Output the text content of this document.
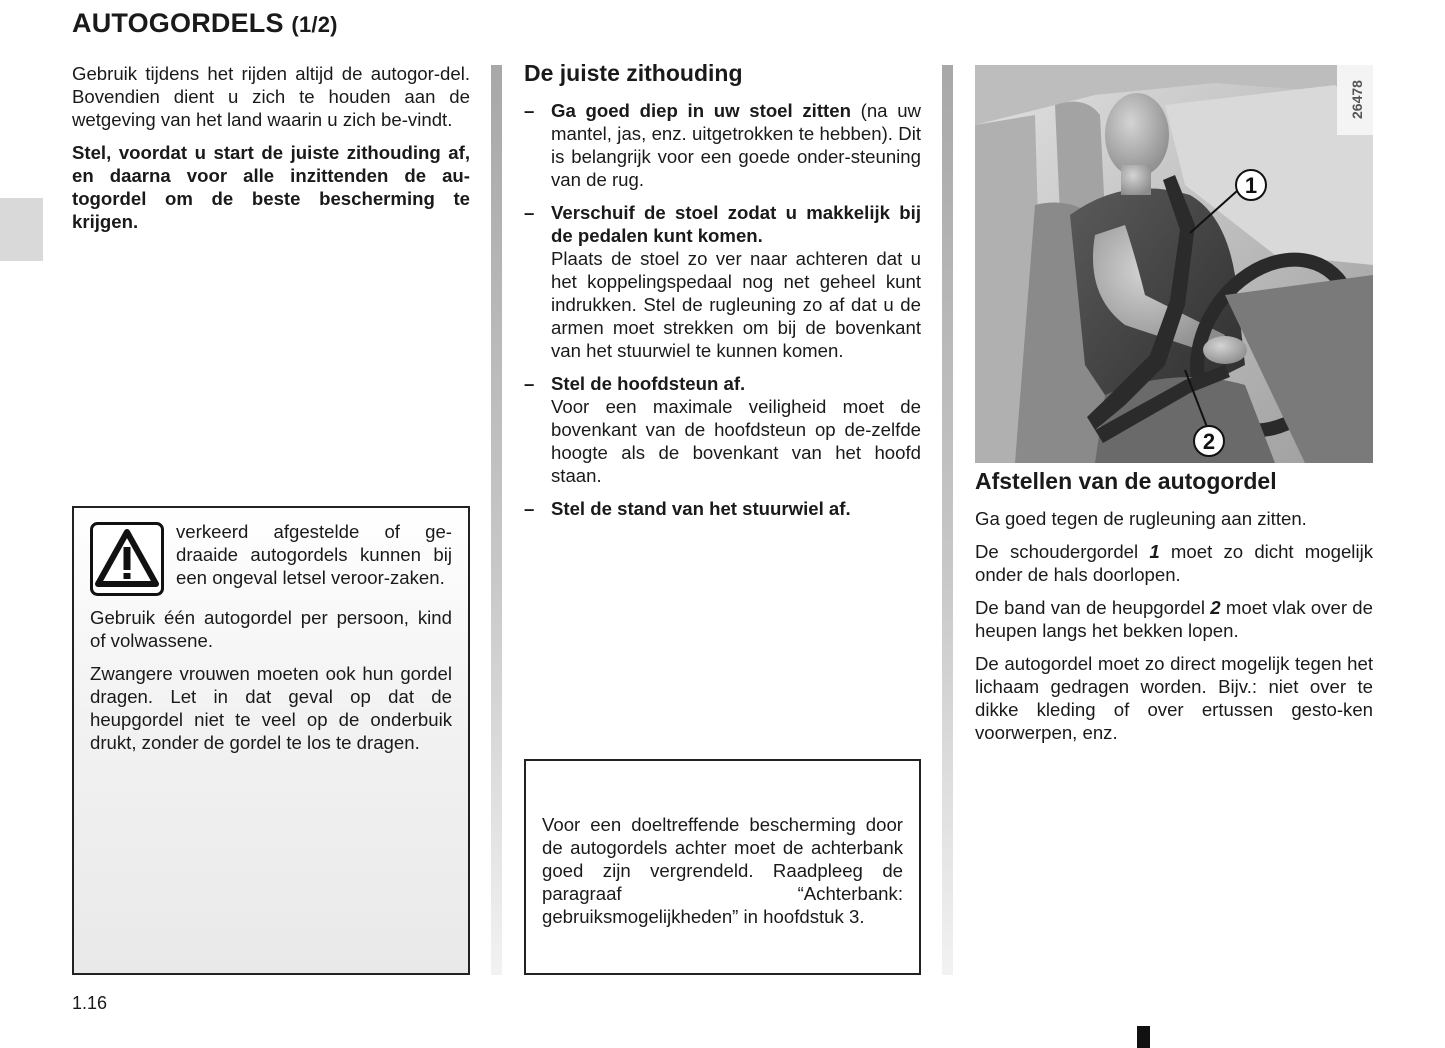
AUTOGORDELS (1/2)

Gebruik tijdens het rijden altijd de autogor-del. Bovendien dient u zich te houden aan de wetgeving van het land waarin u zich be-vindt.

Stel, voordat u start de juiste zithouding af, en daarna voor alle inzittenden de au-togordel om de beste bescherming te krijgen.

verkeerd afgestelde of ge-draaide autogordels kunnen bij een ongeval letsel veroor-zaken.

Gebruik één autogordel per persoon, kind of volwassene.

Zwangere vrouwen moeten ook hun gordel dragen. Let in dat geval op dat de heupgordel niet te veel op de onderbuik drukt, zonder de gordel te los te dragen.

De juiste zithouding
– Ga goed diep in uw stoel zitten (na uw mantel, jas, enz. uitgetrokken te hebben). Dit is belangrijk voor een goede onder-steuning van de rug.
– Verschuif de stoel zodat u makkelijk bij de pedalen kunt komen.
Plaats de stoel zo ver naar achteren dat u het koppelingspedaal nog net geheel kunt indrukken. Stel de rugleuning zo af dat u de armen moet strekken om bij de bovenkant van het stuurwiel te kunnen komen.
– Stel de hoofdsteun af.
Voor een maximale veiligheid moet de bovenkant van de hoofdsteun op de-zelfde hoogte als de bovenkant van het hoofd staan.
– Stel de stand van het stuurwiel af.

Voor een doeltreffende bescherming door de autogordels achter moet de achterbank goed zijn vergrendeld. Raadpleeg de paragraaf “Achterbank: gebruiksmogelijkheden” in hoofdstuk 3.

26478
1
2
Afstellen van de autogordel

Ga goed tegen de rugleuning aan zitten.

De schoudergordel 1 moet zo dicht mogelijk onder de hals doorlopen.

De band van de heupgordel 2 moet vlak over de heupen langs het bekken lopen.

De autogordel moet zo direct mogelijk tegen het lichaam gedragen worden. Bijv.: niet over te dikke kleding of over ertussen gesto-ken voorwerpen, enz.

1.16
